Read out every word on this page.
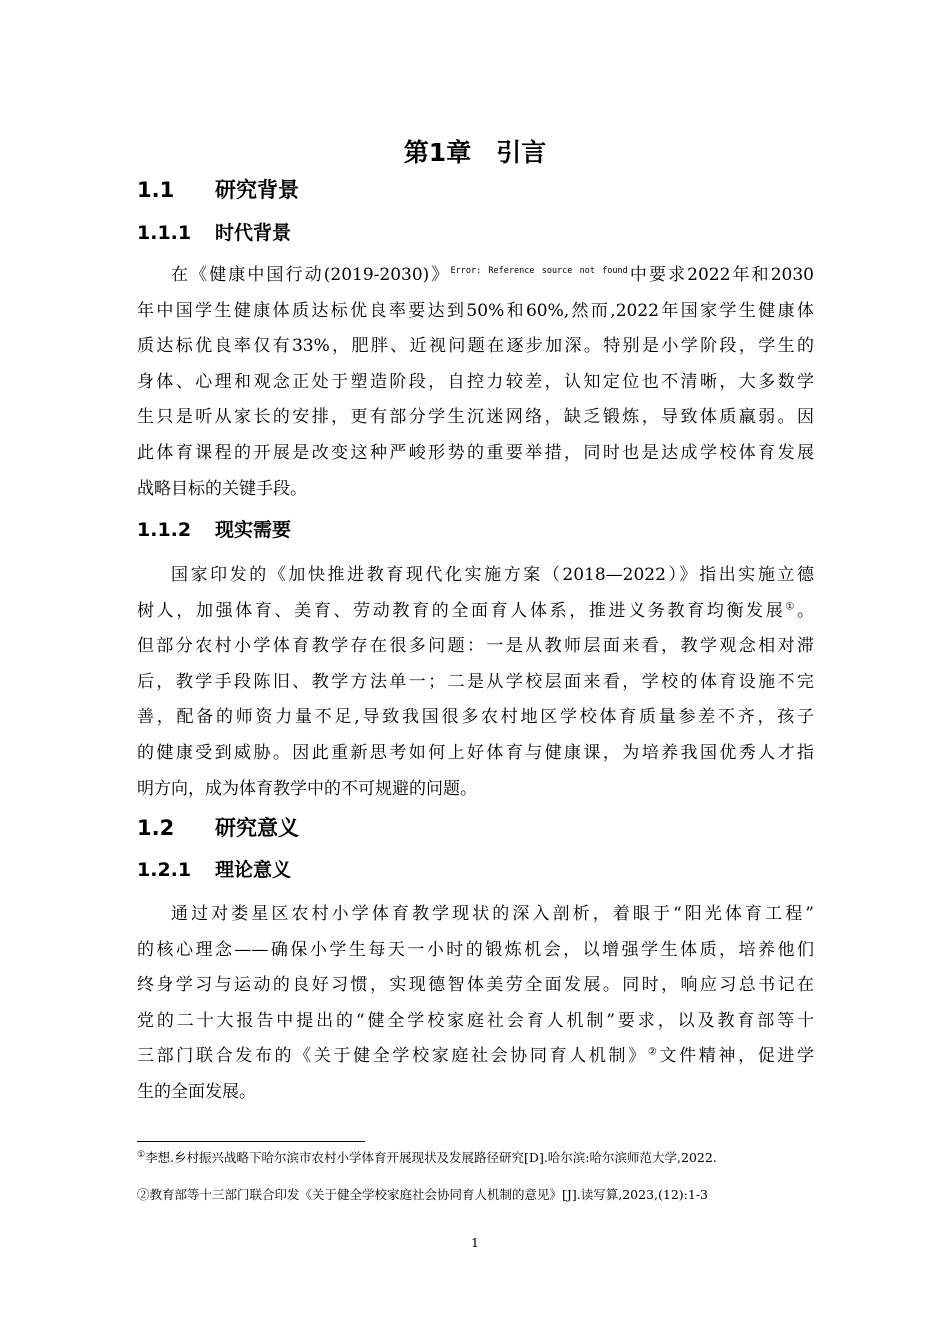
第1章　引言
1.1 研究背景
1.1.1 时代背景
在《健康中国行动(2019-2030)》$^{Error: Reference source not found}$中要求2022年和2030
年中国学生健康体质达标优良率要达到50%和60%,然而,2022年国家学生健康体
质达标优良率仅有33%，肥胖、近视问题在逐步加深。特别是小学阶段，学生的
身体、心理和观念正处于塑造阶段，自控力较差，认知定位也不清晰，大多数学
生只是听从家长的安排，更有部分学生沉迷网络，缺乏锻炼，导致体质羸弱。因
此体育课程的开展是改变这种严峻形势的重要举措，同时也是达成学校体育发展
战略目标的关键手段。
1.1.2 现实需要
国家印发的《加快推进教育现代化实施方案（2018—2022）》指出实施立德
树人，加强体育、美育、劳动教育的全面育人体系，推进义务教育均衡发展①。
但部分农村小学体育教学存在很多问题：一是从教师层面来看，教学观念相对滞
后，教学手段陈旧、教学方法单一；二是从学校层面来看，学校的体育设施不完
善，配备的师资力量不足,导致我国很多农村地区学校体育质量参差不齐，孩子
的健康受到威胁。因此重新思考如何上好体育与健康课，为培养我国优秀人才指
明方向，成为体育教学中的不可规避的问题。
1.2 研究意义
1.2.1 理论意义
通过对娄星区农村小学体育教学现状的深入剖析，着眼于“阳光体育工程”
的核心理念——确保小学生每天一小时的锻炼机会，以增强学生体质，培养他们
终身学习与运动的良好习惯，实现德智体美劳全面发展。同时，响应习总书记在
党的二十大报告中提出的“健全学校家庭社会育人机制”要求，以及教育部等十
三部门联合发布的《关于健全学校家庭社会协同育人机制》②文件精神，促进学
生的全面发展。
①李想.乡村振兴战略下哈尔滨市农村小学体育开展现状及发展路径研究[D].哈尔滨:哈尔滨师范大学,2022.
②教育部等十三部门联合印发《关于健全学校家庭社会协同育人机制的意见》[J].读写算,2023,(12):1-3
1
